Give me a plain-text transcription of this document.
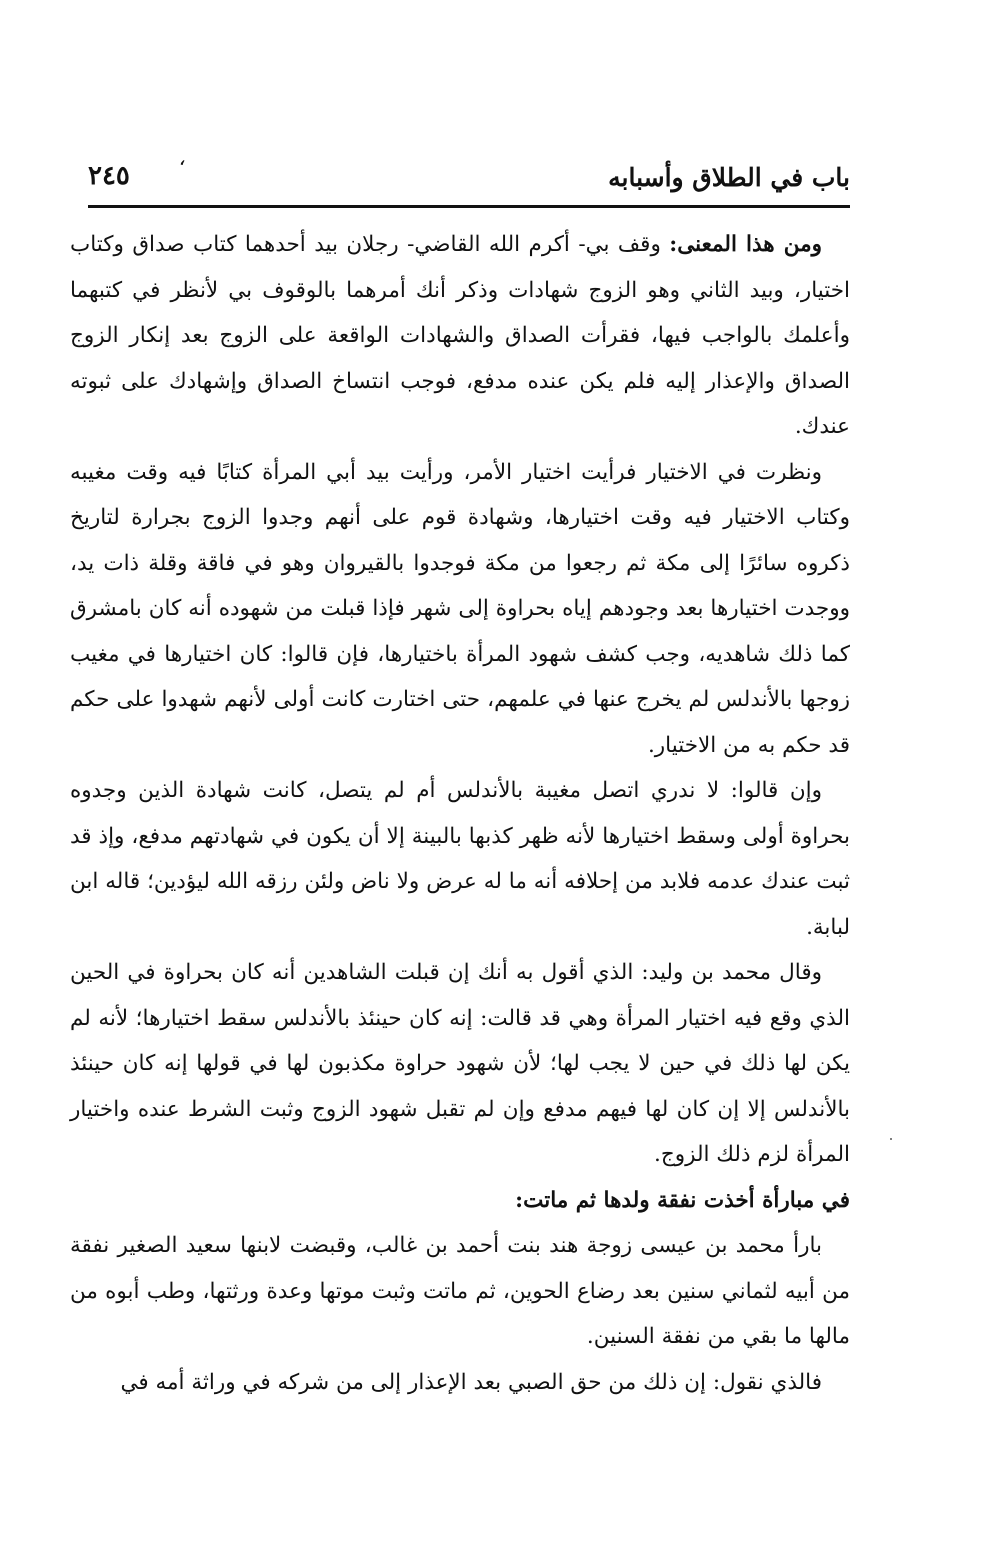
،
باب في الطلاق وأسبابه
٢٤٥

ومن هذا المعنى: وقف بي- أكرم الله القاضي- رجلان بيد أحدهما كتاب صداق وكتاب اختيار، وبيد الثاني وهو الزوج شهادات وذكر أنك أمرهما بالوقوف بي لأنظر في كتبهما وأعلمك بالواجب فيها، فقرأت الصداق والشهادات الواقعة على الزوج بعد إنكار الزوج الصداق والإعذار إليه فلم يكن عنده مدفع، فوجب انتساخ الصداق وإشهادك على ثبوته عندك.

ونظرت في الاختيار فرأيت اختيار الأمر، ورأيت بيد أبي المرأة كتابًا فيه وقت مغيبه وكتاب الاختيار فيه وقت اختيارها، وشهادة قوم على أنهم وجدوا الزوج بجرارة لتاريخ ذكروه سائرًا إلى مكة ثم رجعوا من مكة فوجدوا بالقيروان وهو في فاقة وقلة ذات يد، ووجدت اختيارها بعد وجودهم إياه بحراوة إلى شهر فإذا قبلت من شهوده أنه كان بامشرق كما ذلك شاهديه، وجب كشف شهود المرأة باختيارها، فإن قالوا: كان اختيارها في مغيب زوجها بالأندلس لم يخرج عنها في علمهم، حتى اختارت كانت أولى لأنهم شهدوا على حكم قد حكم به من الاختيار.

وإن قالوا: لا ندري اتصل مغيبة بالأندلس أم لم يتصل، كانت شهادة الذين وجدوه بحراوة أولى وسقط اختيارها لأنه ظهر كذبها بالبينة إلا أن يكون في شهادتهم مدفع، وإذ قد ثبت عندك عدمه فلابد من إحلافه أنه ما له عرض ولا ناض ولئن رزقه الله ليؤدين؛ قاله ابن لبابة.

وقال محمد بن وليد: الذي أقول به أنك إن قبلت الشاهدين أنه كان بحراوة في الحين الذي وقع فيه اختيار المرأة وهي قد قالت: إنه كان حينئذ بالأندلس سقط اختيارها؛ لأنه لم يكن لها ذلك في حين لا يجب لها؛ لأن شهود حراوة مكذبون لها في قولها إنه كان حينئذ بالأندلس إلا إن كان لها فيهم مدفع وإن لم تقبل شهود الزوج وثبت الشرط عنده واختيار المرأة لزم ذلك الزوج.

في مبارأة أخذت نفقة ولدها ثم ماتت:

بارأ محمد بن عيسى زوجة هند بنت أحمد بن غالب، وقبضت لابنها سعيد الصغير نفقة من أبيه لثماني سنين بعد رضاع الحوين، ثم ماتت وثبت موتها وعدة ورثتها، وطب أبوه من مالها ما بقي من نفقة السنين.

فالذي نقول: إن ذلك من حق الصبي بعد الإعذار إلى من شركه في وراثة أمه في
